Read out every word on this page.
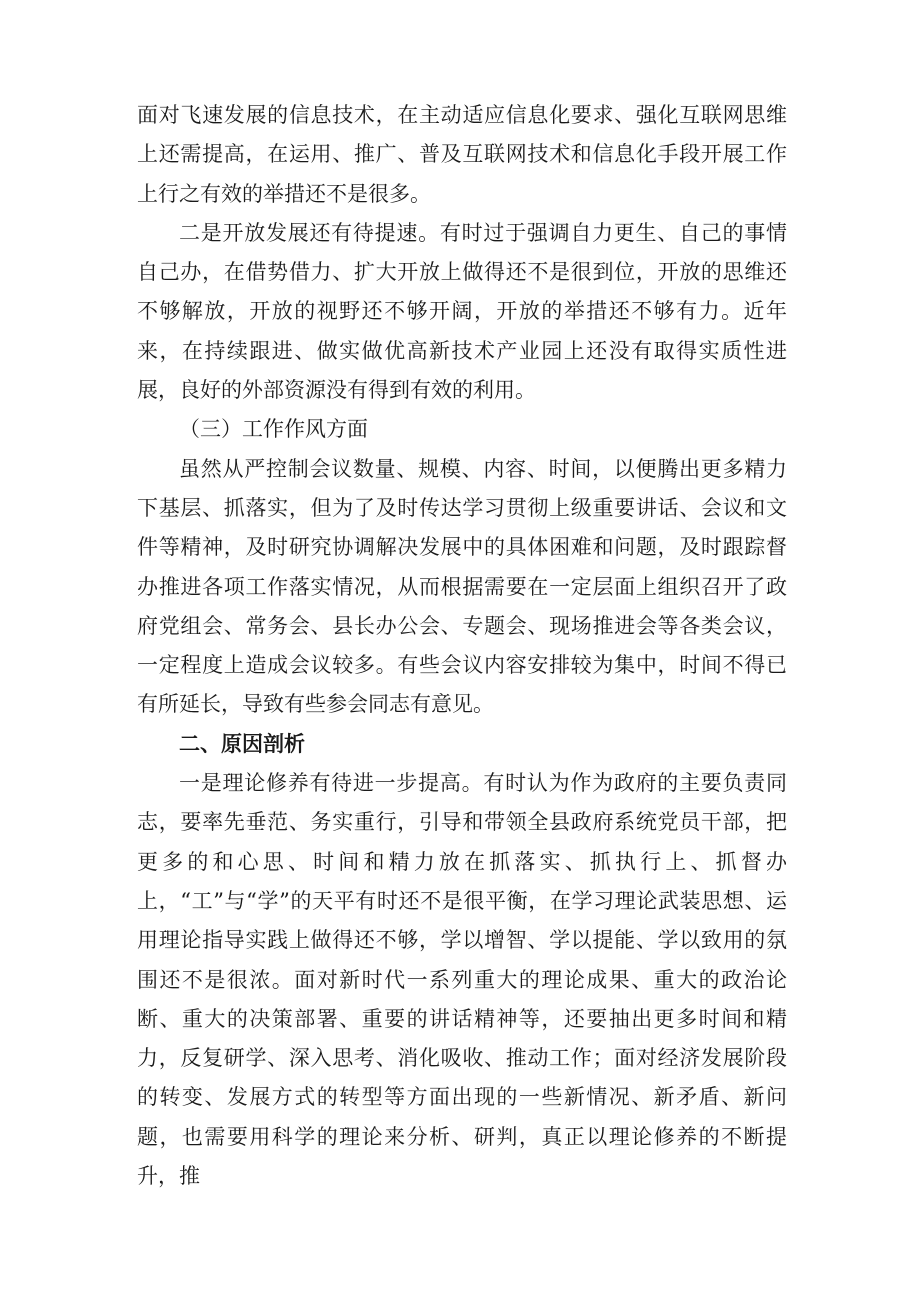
面对飞速发展的信息技术，在主动适应信息化要求、强化互联网思维上还需提高，在运用、推广、普及互联网技术和信息化手段开展工作上行之有效的举措还不是很多。

二是开放发展还有待提速。有时过于强调自力更生、自己的事情自己办，在借势借力、扩大开放上做得还不是很到位，开放的思维还不够解放，开放的视野还不够开阔，开放的举措还不够有力。近年来，在持续跟进、做实做优高新技术产业园上还没有取得实质性进展，良好的外部资源没有得到有效的利用。

（三）工作作风方面

虽然从严控制会议数量、规模、内容、时间，以便腾出更多精力下基层、抓落实，但为了及时传达学习贯彻上级重要讲话、会议和文件等精神，及时研究协调解决发展中的具体困难和问题，及时跟踪督办推进各项工作落实情况，从而根据需要在一定层面上组织召开了政府党组会、常务会、县长办公会、专题会、现场推进会等各类会议，一定程度上造成会议较多。有些会议内容安排较为集中，时间不得已有所延长，导致有些参会同志有意见。

二、原因剖析

一是理论修养有待进一步提高。有时认为作为政府的主要负责同志，要率先垂范、务实重行，引导和带领全县政府系统党员干部，把更多的和心思、时间和精力放在抓落实、抓执行上、抓督办上，“工”与“学”的天平有时还不是很平衡，在学习理论武装思想、运用理论指导实践上做得还不够，学以增智、学以提能、学以致用的氛围还不是很浓。面对新时代一系列重大的理论成果、重大的政治论断、重大的决策部署、重要的讲话精神等，还要抽出更多时间和精力，反复研学、深入思考、消化吸收、推动工作；面对经济发展阶段的转变、发展方式的转型等方面出现的一些新情况、新矛盾、新问题，也需要用科学的理论来分析、研判，真正以理论修养的不断提升，推
